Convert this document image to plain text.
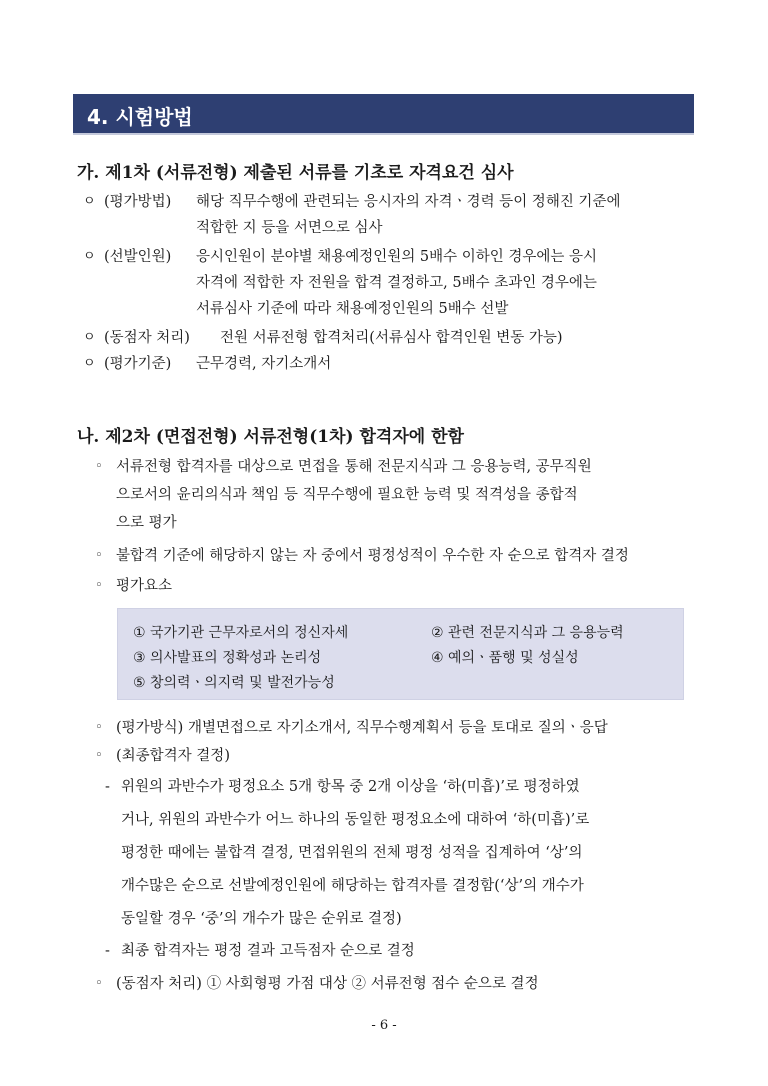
4. 시험방법
가. 제1차 (서류전형) 제출된 서류를 기초로 자격요건 심사
ㅇ (평가방법) 해당 직무수행에 관련되는 응시자의 자격ㆍ경력 등이 정해진 기준에
적합한 지 등을 서면으로 심사
ㅇ (선발인원) 응시인원이 분야별 채용예정인원의 5배수 이하인 경우에는 응시
자격에 적합한 자 전원을 합격 결정하고, 5배수 초과인 경우에는
서류심사 기준에 따라 채용예정인원의 5배수 선발
ㅇ (동점자 처리) 전원 서류전형 합격처리(서류심사 합격인원 변동 가능)
ㅇ (평가기준) 근무경력, 자기소개서
나. 제2차 (면접전형) 서류전형(1차) 합격자에 한함
◦ 서류전형 합격자를 대상으로 면접을 통해 전문지식과 그 응용능력, 공무직원
으로서의 윤리의식과 책임 등 직무수행에 필요한 능력 및 적격성을 종합적
으로 평가
◦ 불합격 기준에 해당하지 않는 자 중에서 평정성적이 우수한 자 순으로 합격자 결정
◦ 평가요소
① 국가기관 근무자로서의 정신자세	② 관련 전문지식과 그 응용능력
③ 의사발표의 정확성과 논리성	④ 예의ㆍ품행 및 성실성
⑤ 창의력ㆍ의지력 및 발전가능성
◦ (평가방식) 개별면접으로 자기소개서, 직무수행계획서 등을 토대로 질의ㆍ응답
◦ (최종합격자 결정)
- 위원의 과반수가 평정요소 5개 항목 중 2개 이상을 ‘하(미흡)’로 평정하였
거나, 위원의 과반수가 어느 하나의 동일한 평정요소에 대하여 ‘하(미흡)’로
평정한 때에는 불합격 결정, 면접위원의 전체 평정 성적을 집계하여 ‘상’의
개수많은 순으로 선발예정인원에 해당하는 합격자를 결정함(‘상’의 개수가
동일할 경우 ‘중’의 개수가 많은 순위로 결정)
- 최종 합격자는 평정 결과 고득점자 순으로 결정
◦ (동점자 처리) ① 사회형평 가점 대상 ② 서류전형 점수 순으로 결정
- 6 -
